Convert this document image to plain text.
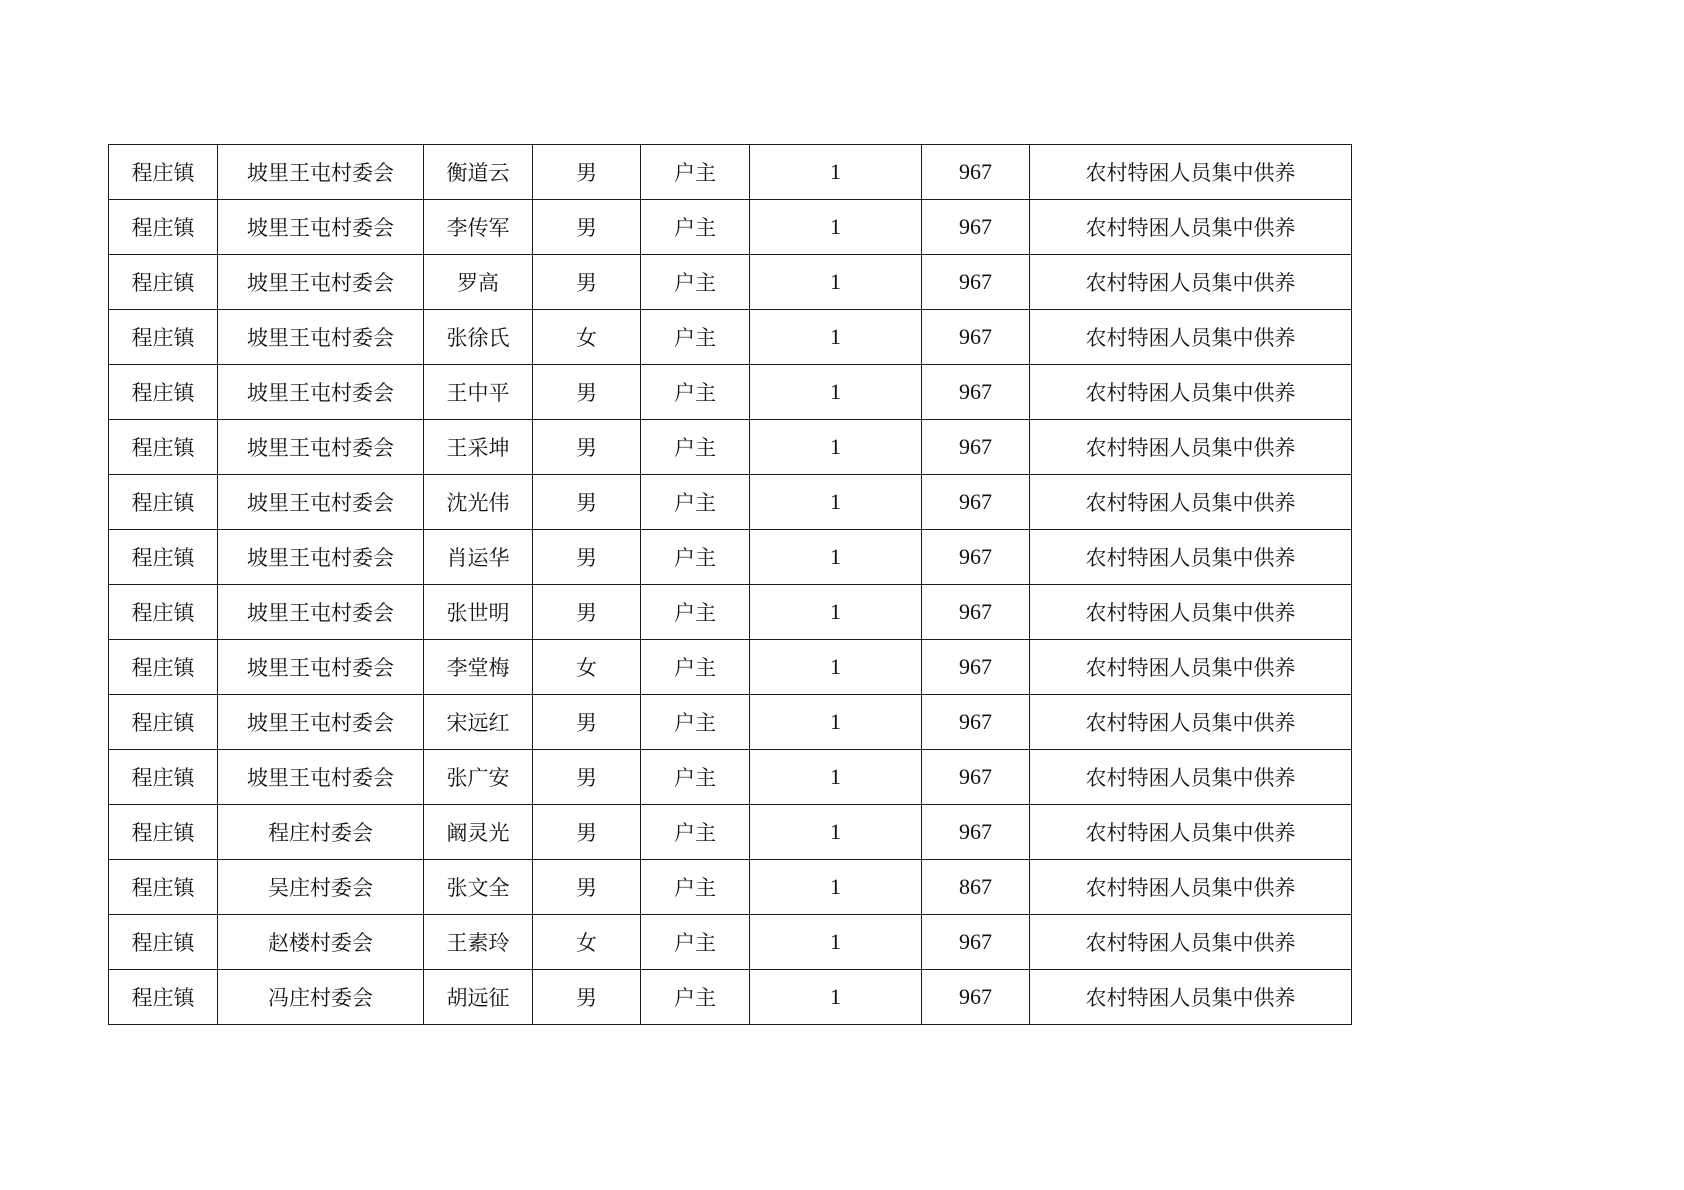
程庄镇	坡里王屯村委会	衡道云	男	户主	1	967	农村特困人员集中供养
程庄镇	坡里王屯村委会	李传军	男	户主	1	967	农村特困人员集中供养
程庄镇	坡里王屯村委会	罗高	男	户主	1	967	农村特困人员集中供养
程庄镇	坡里王屯村委会	张徐氏	女	户主	1	967	农村特困人员集中供养
程庄镇	坡里王屯村委会	王中平	男	户主	1	967	农村特困人员集中供养
程庄镇	坡里王屯村委会	王采坤	男	户主	1	967	农村特困人员集中供养
程庄镇	坡里王屯村委会	沈光伟	男	户主	1	967	农村特困人员集中供养
程庄镇	坡里王屯村委会	肖运华	男	户主	1	967	农村特困人员集中供养
程庄镇	坡里王屯村委会	张世明	男	户主	1	967	农村特困人员集中供养
程庄镇	坡里王屯村委会	李堂梅	女	户主	1	967	农村特困人员集中供养
程庄镇	坡里王屯村委会	宋远红	男	户主	1	967	农村特困人员集中供养
程庄镇	坡里王屯村委会	张广安	男	户主	1	967	农村特困人员集中供养
程庄镇	程庄村委会	阚灵光	男	户主	1	967	农村特困人员集中供养
程庄镇	吴庄村委会	张文全	男	户主	1	867	农村特困人员集中供养
程庄镇	赵楼村委会	王素玲	女	户主	1	967	农村特困人员集中供养
程庄镇	冯庄村委会	胡远征	男	户主	1	967	农村特困人员集中供养
